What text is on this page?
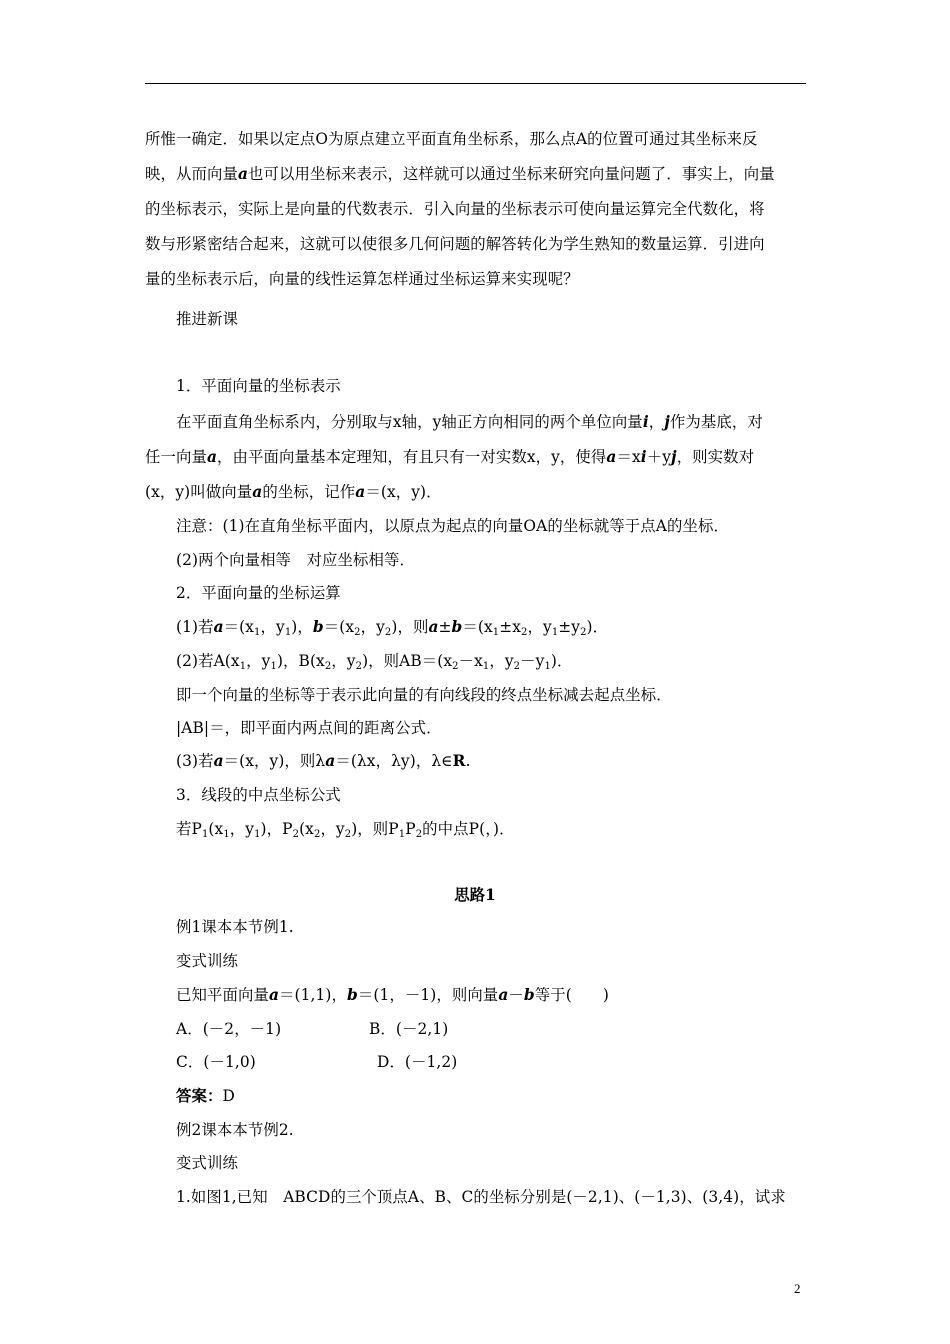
所惟一确定．如果以定点O为原点建立平面直角坐标系，那么点A的位置可通过其坐标来反
映，从而向量a也可以用坐标来表示，这样就可以通过坐标来研究向量问题了．事实上，向量
的坐标表示，实际上是向量的代数表示．引入向量的坐标表示可使向量运算完全代数化，将
数与形紧密结合起来，这就可以使很多几何问题的解答转化为学生熟知的数量运算．引进向
量的坐标表示后，向量的线性运算怎样通过坐标运算来实现呢？
推进新课
1．平面向量的坐标表示
在平面直角坐标系内，分别取与x轴，y轴正方向相同的两个单位向量i，j作为基底，对
任一向量a，由平面向量基本定理知，有且只有一对实数x，y，使得a＝xi＋yj，则实数对
(x，y)叫做向量a的坐标，记作a＝(x，y)．
注意：(1)在直角坐标平面内，以原点为起点的向量OA的坐标就等于点A的坐标．
(2)两个向量相等　对应坐标相等．
2．平面向量的坐标运算
(1)若$a=(x_1$，$y_1$)，$b=(x_2$，$y_2$)，则$a\pm b=(x_1\pm x_2$，$y_1\pm y_2$)．
(2)若$A(x_1$，$y_1$)，$B(x_2$，$y_2$)，则$AB=(x_2-x_1$，$y_2-y_1$)．
即一个向量的坐标等于表示此向量的有向线段的终点坐标减去起点坐标．
|AB|＝，即平面内两点间的距离公式．
(3)若a＝(x，y)，则λa＝(λx，λy)，λ∈R.
3．线段的中点坐标公式
若$P_1(x_1$，$y_1$)，$P_2(x_2$，$y_2$)，则$P_1P_2$的中点P(，)．
思路1
例1课本本节例1.
变式训练
已知平面向量a＝(1,1)，b＝(1，－1)，则向量a－b等于(　　)
A．(－2，－1)	B．(－2,1)
C．(－1,0)	D．(－1,2)
答案：D
例2课本本节例2.
变式训练
1.如图1,已知　ABCD的三个顶点A、B、C的坐标分别是(－2,1)、(－1,3)、(3,4)，试求
2
